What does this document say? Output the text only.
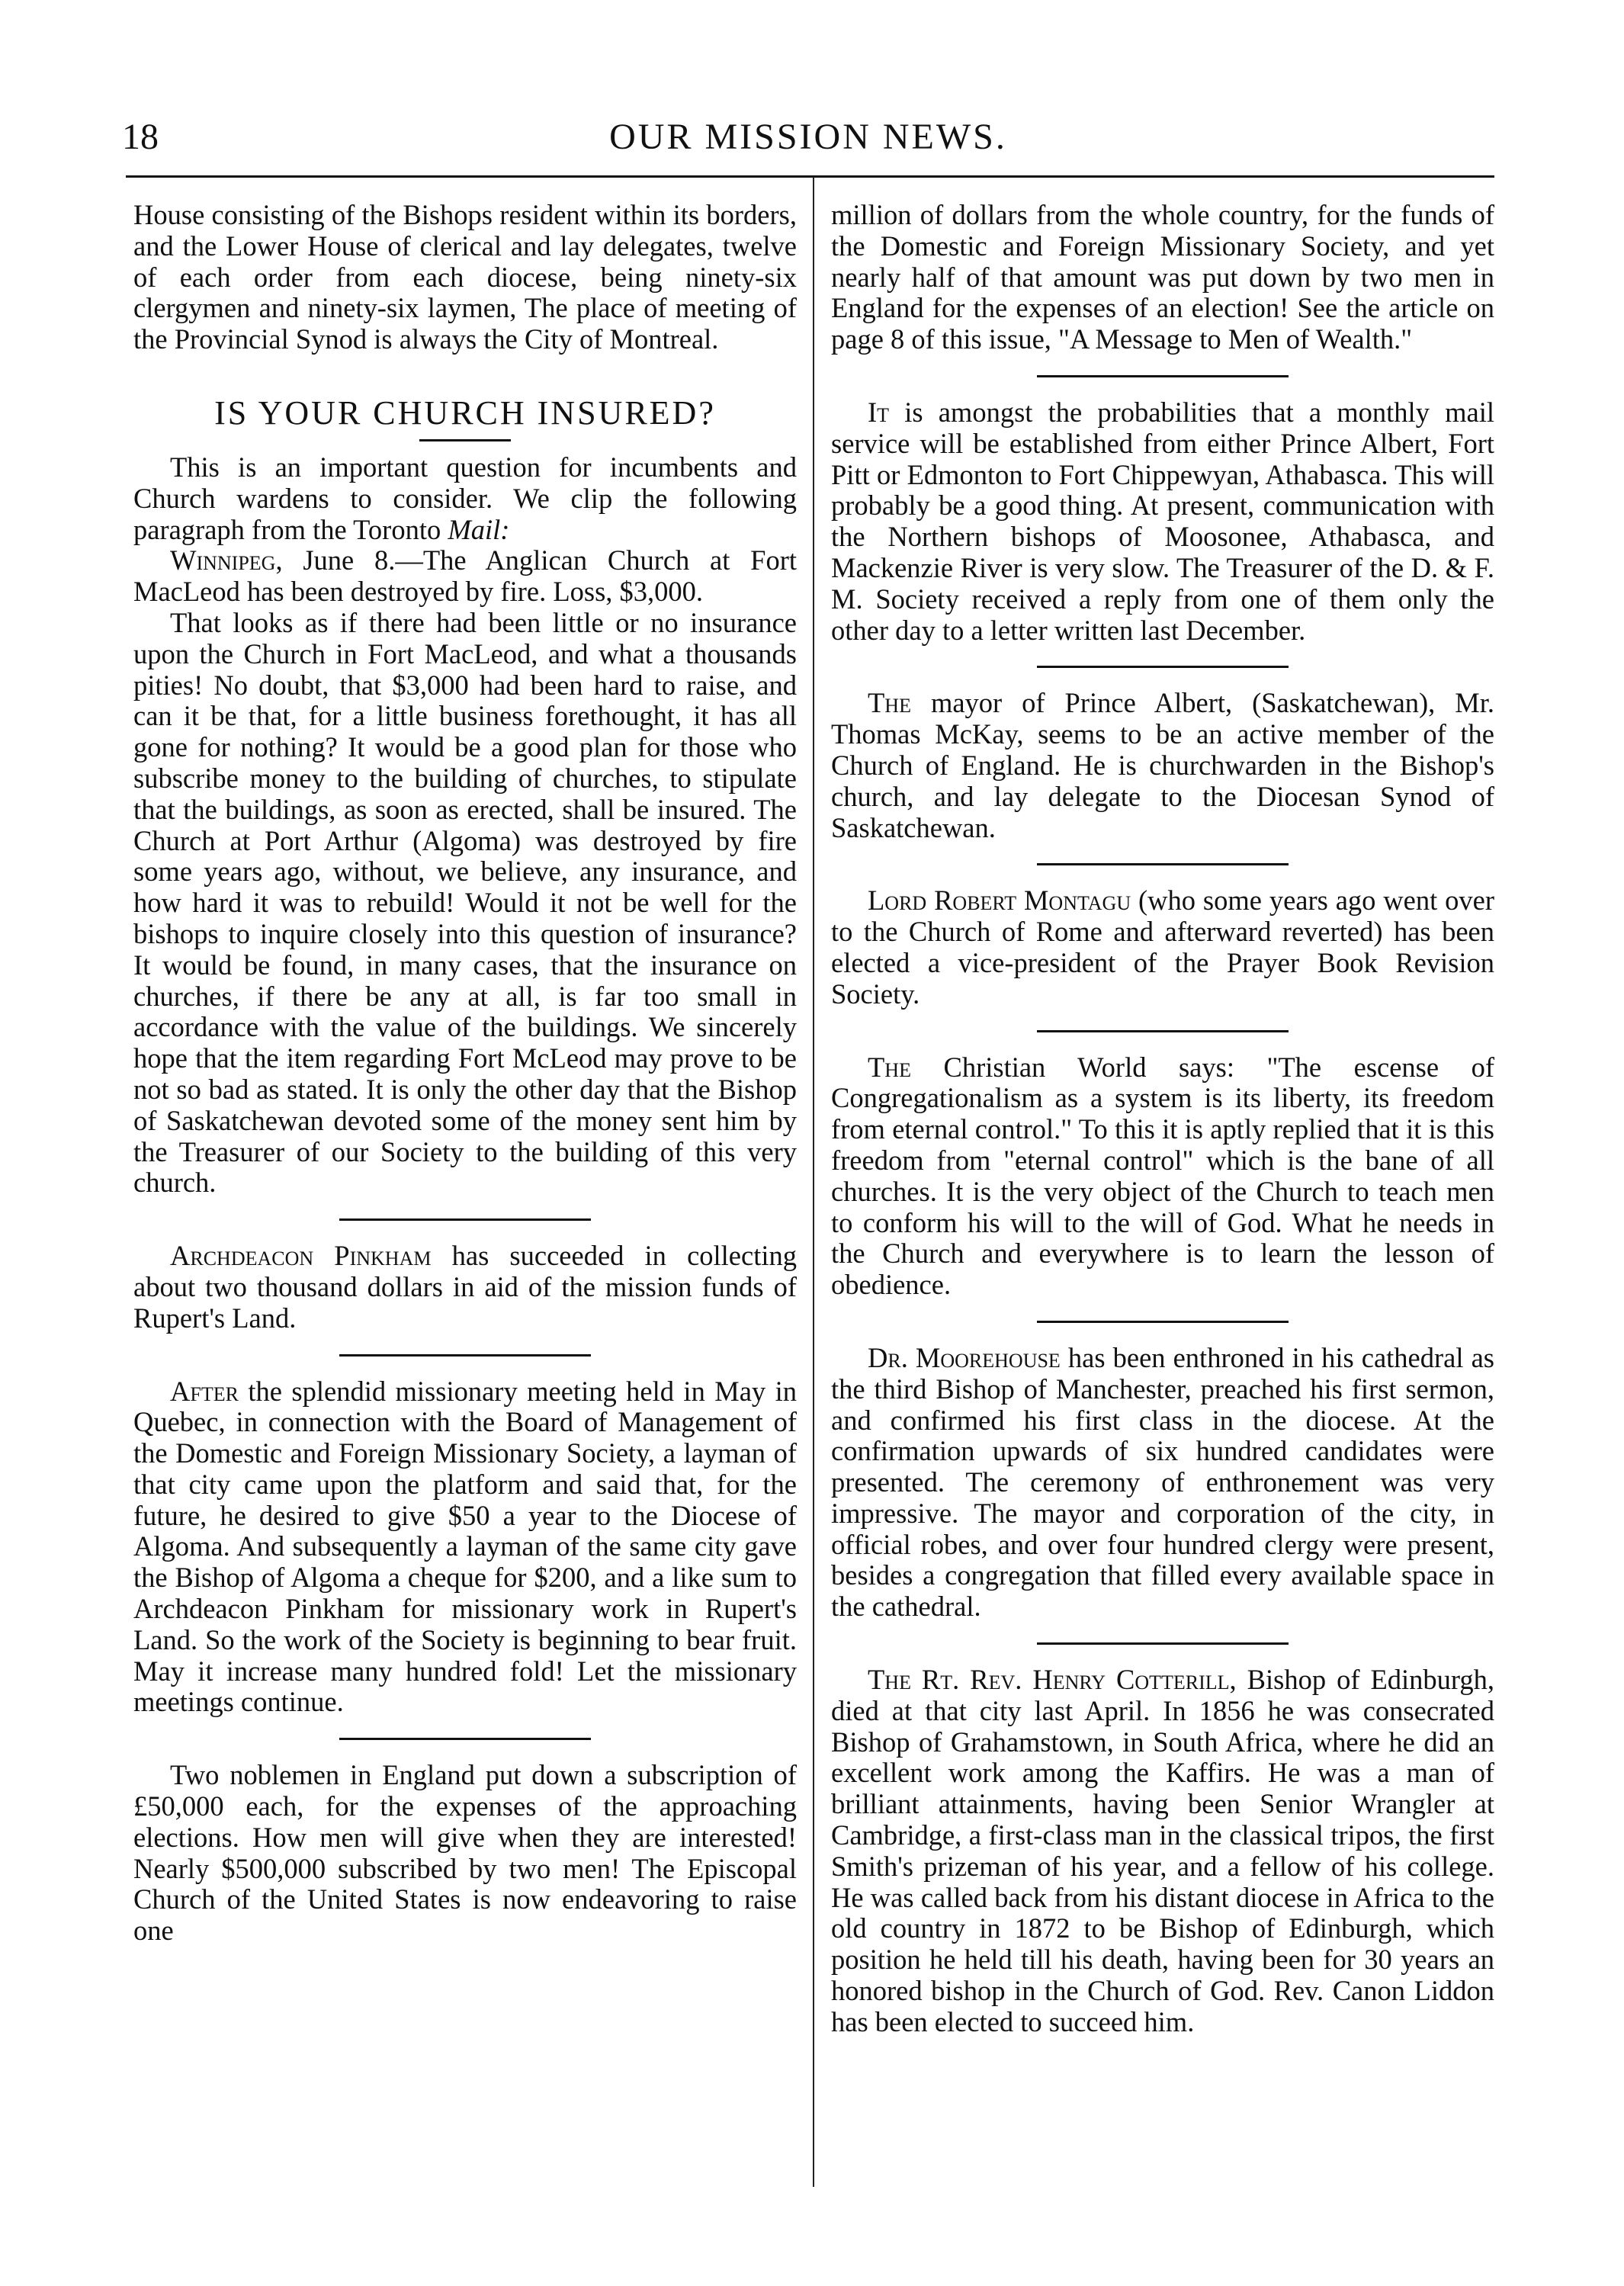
18	OUR MISSION NEWS.

House consisting of the Bishops resident within its borders, and the Lower House of clerical and lay delegates, twelve of each order from each diocese, being ninety-six clergymen and ninety-six laymen, The place of meeting of the Provincial Synod is always the City of Montreal.

IS YOUR CHURCH INSURED?

This is an important question for incumbents and Church wardens to consider. We clip the following paragraph from the Toronto Mail:

Winnipeg, June 8.—The Anglican Church at Fort MacLeod has been destroyed by fire. Loss, $3,000.

That looks as if there had been little or no insurance upon the Church in Fort MacLeod, and what a thousands pities! No doubt, that $3,000 had been hard to raise, and can it be that, for a little business forethought, it has all gone for nothing? It would be a good plan for those who subscribe money to the building of churches, to stipulate that the buildings, as soon as erected, shall be insured. The Church at Port Arthur (Algoma) was destroyed by fire some years ago, without, we believe, any insurance, and how hard it was to rebuild! Would it not be well for the bishops to inquire closely into this question of insurance? It would be found, in many cases, that the insurance on churches, if there be any at all, is far too small in accordance with the value of the buildings. We sincerely hope that the item regarding Fort McLeod may prove to be not so bad as stated. It is only the other day that the Bishop of Saskatchewan devoted some of the money sent him by the Treasurer of our Society to the building of this very church.

Archdeacon Pinkham has succeeded in collecting about two thousand dollars in aid of the mission funds of Rupert's Land.

After the splendid missionary meeting held in May in Quebec, in connection with the Board of Management of the Domestic and Foreign Missionary Society, a layman of that city came upon the platform and said that, for the future, he desired to give $50 a year to the Diocese of Algoma. And subsequently a layman of the same city gave the Bishop of Algoma a cheque for $200, and a like sum to Archdeacon Pinkham for missionary work in Rupert's Land. So the work of the Society is beginning to bear fruit. May it increase many hundred fold! Let the missionary meetings continue.

Two noblemen in England put down a subscription of £50,000 each, for the expenses of the approaching elections. How men will give when they are interested! Nearly $500,000 subscribed by two men! The Episcopal Church of the United States is now endeavoring to raise one

million of dollars from the whole country, for the funds of the Domestic and Foreign Missionary Society, and yet nearly half of that amount was put down by two men in England for the expenses of an election! See the article on page 8 of this issue, "A Message to Men of Wealth."

It is amongst the probabilities that a monthly mail service will be established from either Prince Albert, Fort Pitt or Edmonton to Fort Chippewyan, Athabasca. This will probably be a good thing. At present, communication with the Northern bishops of Moosonee, Athabasca, and Mackenzie River is very slow. The Treasurer of the D. & F. M. Society received a reply from one of them only the other day to a letter written last December.

The mayor of Prince Albert, (Saskatchewan), Mr. Thomas McKay, seems to be an active member of the Church of England. He is churchwarden in the Bishop's church, and lay delegate to the Diocesan Synod of Saskatchewan.

Lord Robert Montagu (who some years ago went over to the Church of Rome and afterward reverted) has been elected a vice-president of the Prayer Book Revision Society.

The Christian World says: "The escense of Congregationalism as a system is its liberty, its freedom from eternal control." To this it is aptly replied that it is this freedom from "eternal control" which is the bane of all churches. It is the very object of the Church to teach men to conform his will to the will of God. What he needs in the Church and everywhere is to learn the lesson of obedience.

Dr. Moorehouse has been enthroned in his cathedral as the third Bishop of Manchester, preached his first sermon, and confirmed his first class in the diocese. At the confirmation upwards of six hundred candidates were presented. The ceremony of enthronement was very impressive. The mayor and corporation of the city, in official robes, and over four hundred clergy were present, besides a congregation that filled every available space in the cathedral.

The Rt. Rev. Henry Cotterill, Bishop of Edinburgh, died at that city last April. In 1856 he was consecrated Bishop of Grahamstown, in South Africa, where he did an excellent work among the Kaffirs. He was a man of brilliant attainments, having been Senior Wrangler at Cambridge, a first-class man in the classical tripos, the first Smith's prizeman of his year, and a fellow of his college. He was called back from his distant diocese in Africa to the old country in 1872 to be Bishop of Edinburgh, which position he held till his death, having been for 30 years an honored bishop in the Church of God. Rev. Canon Liddon has been elected to succeed him.
